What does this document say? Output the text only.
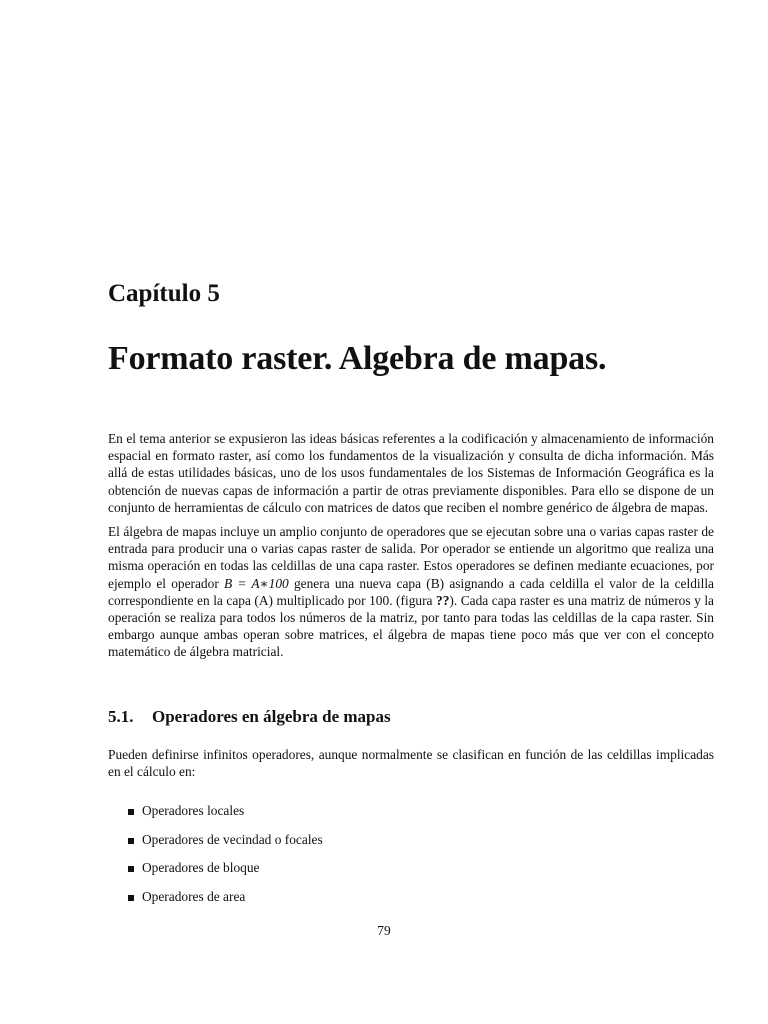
Capítulo 5
Formato raster. Algebra de mapas.

En el tema anterior se expusieron las ideas básicas referentes a la codificación y almacenamiento de información espacial en formato raster, así como los fundamentos de la visualización y consulta de dicha información. Más allá de estas utilidades básicas, uno de los usos fundamentales de los Sistemas de Información Geográfica es la obtención de nuevas capas de información a partir de otras previamente disponibles. Para ello se dispone de un conjunto de herramientas de cálculo con matrices de datos que reciben el nombre genérico de álgebra de mapas.

El álgebra de mapas incluye un amplio conjunto de operadores que se ejecutan sobre una o varias capas raster de entrada para producir una o varias capas raster de salida. Por operador se entiende un algoritmo que realiza una misma operación en todas las celdillas de una capa raster. Estos operadores se definen mediante ecuaciones, por ejemplo el operador B = A∗100 genera una nueva capa (B) asignando a cada celdilla el valor de la celdilla correspondiente en la capa (A) multiplicado por 100. (figura ??). Cada capa raster es una matriz de números y la operación se realiza para todos los números de la matriz, por tanto para todas las celdillas de la capa raster. Sin embargo aunque ambas operan sobre matrices, el álgebra de mapas tiene poco más que ver con el concepto matemático de álgebra matricial.

5.1. Operadores en álgebra de mapas

Pueden definirse infinitos operadores, aunque normalmente se clasifican en función de las celdillas implicadas en el cálculo en:

Operadores locales
Operadores de vecindad o focales
Operadores de bloque
Operadores de area

79
